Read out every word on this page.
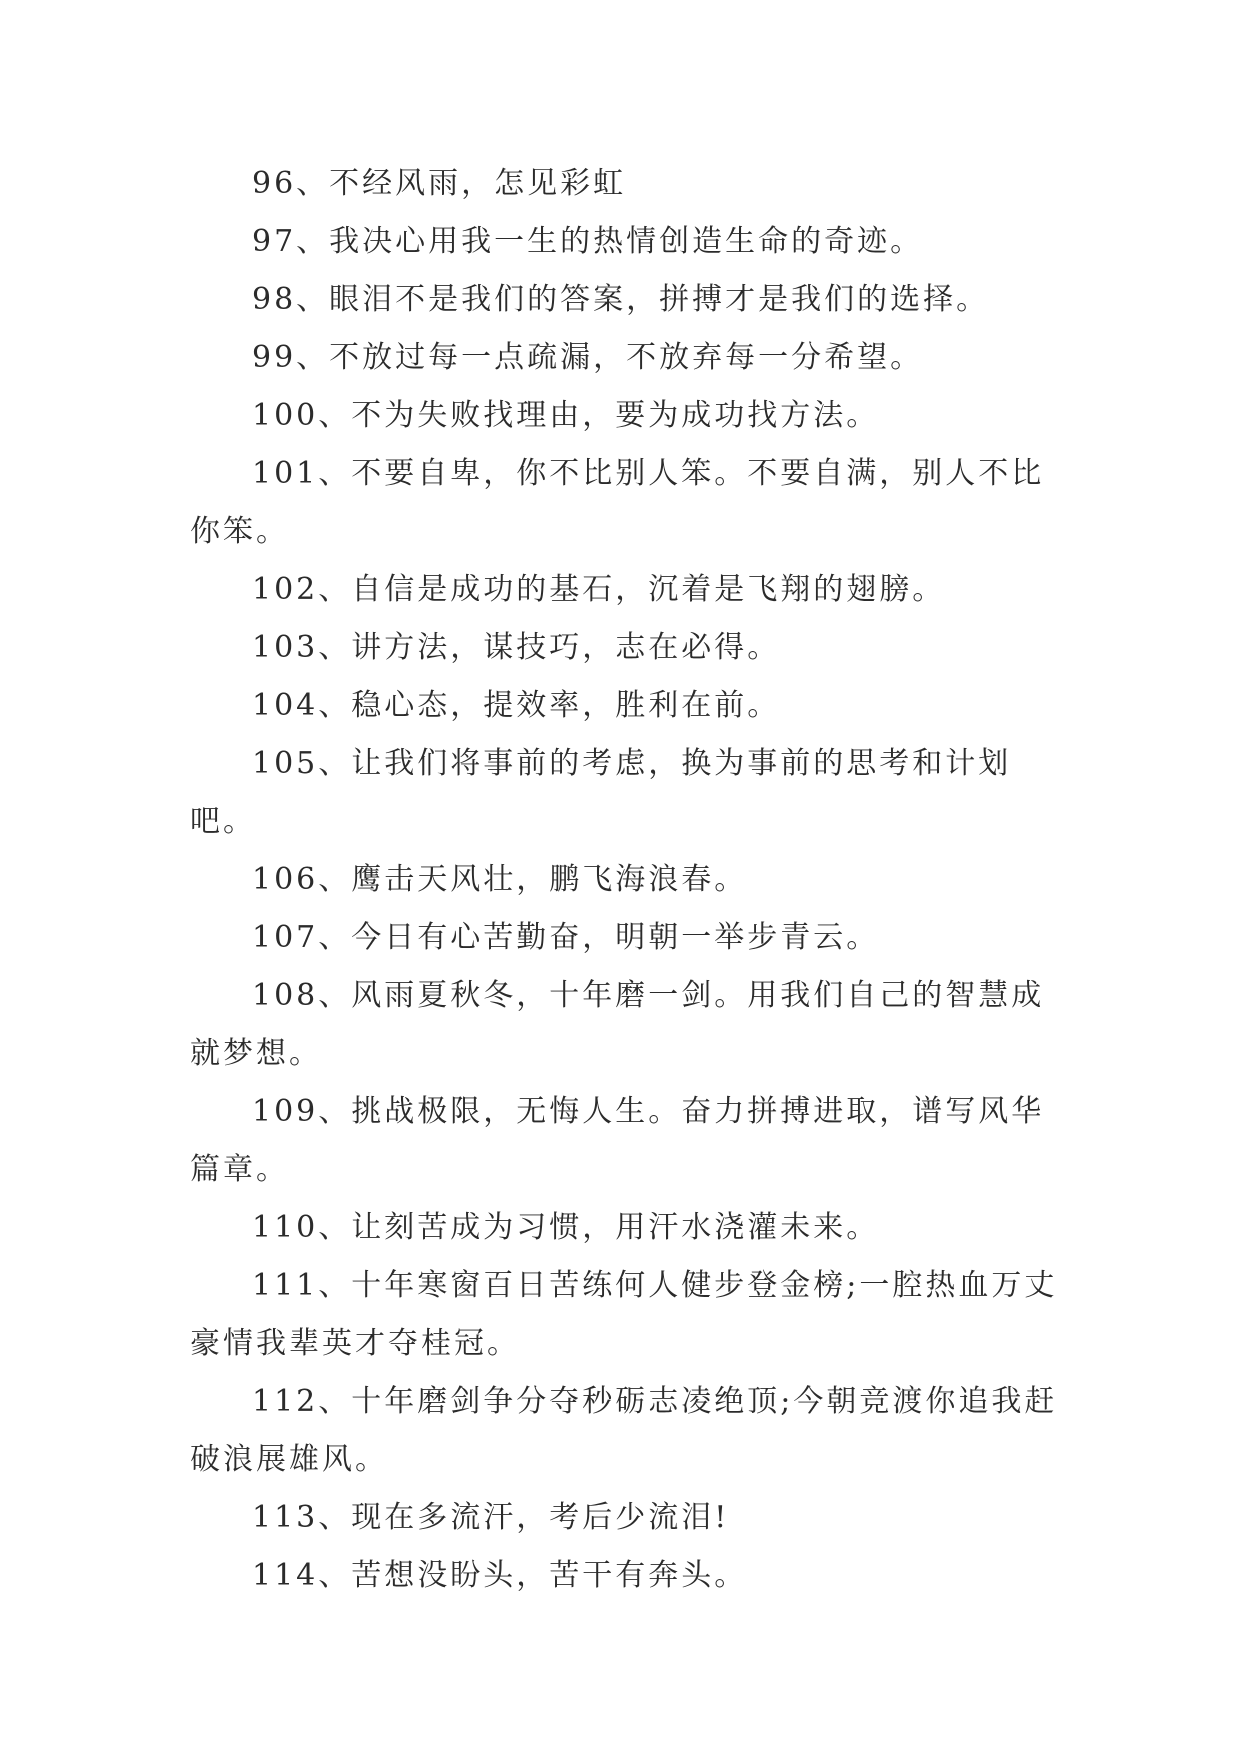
96、不经风雨，怎见彩虹

97、我决心用我一生的热情创造生命的奇迹。

98、眼泪不是我们的答案，拼搏才是我们的选择。

99、不放过每一点疏漏，不放弃每一分希望。

100、不为失败找理由，要为成功找方法。

101、不要自卑，你不比别人笨。不要自满，别人不比你笨。

102、自信是成功的基石，沉着是飞翔的翅膀。

103、讲方法，谋技巧，志在必得。

104、稳心态，提效率，胜利在前。

105、让我们将事前的考虑，换为事前的思考和计划吧。

106、鹰击天风壮，鹏飞海浪春。

107、今日有心苦勤奋，明朝一举步青云。

108、风雨夏秋冬，十年磨一剑。用我们自己的智慧成就梦想。

109、挑战极限，无悔人生。奋力拼搏进取，谱写风华篇章。

110、让刻苦成为习惯，用汗水浇灌未来。

111、十年寒窗百日苦练何人健步登金榜;一腔热血万丈豪情我辈英才夺桂冠。

112、十年磨剑争分夺秒砺志凌绝顶;今朝竞渡你追我赶破浪展雄风。

113、现在多流汗，考后少流泪!

114、苦想没盼头，苦干有奔头。
